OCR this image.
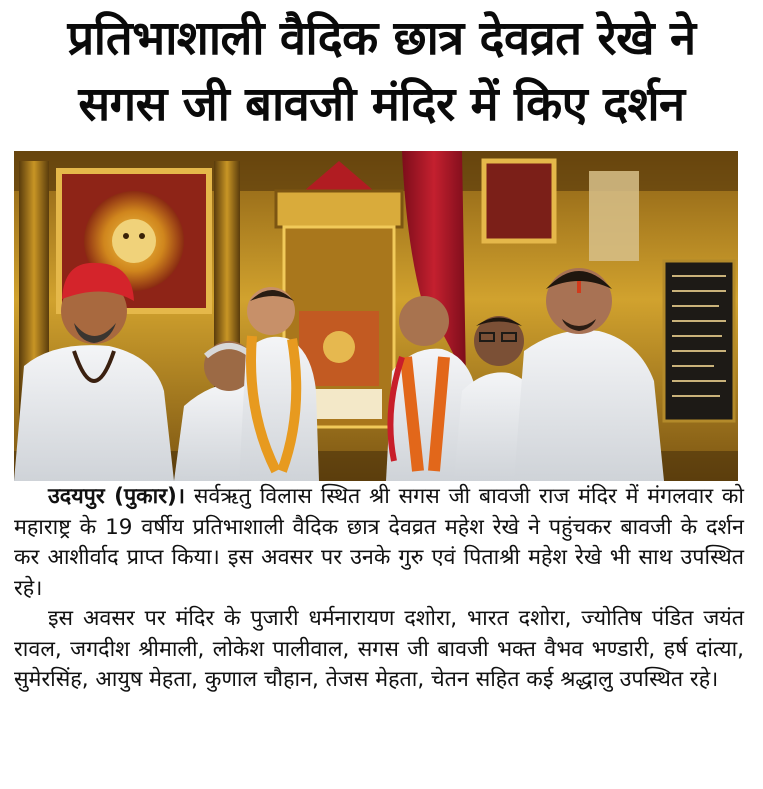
प्रतिभाशाली वैदिक छात्र देवव्रत रेखे ने
सगस जी बावजी मंदिर में किए दर्शन

उदयपुर (पुकार)। सर्वऋतु विलास स्थित श्री सगस जी बावजी राज मंदिर में मंगलवार को महाराष्ट्र के 19 वर्षीय प्रतिभाशाली वैदिक छात्र देवव्रत महेश रेखे ने पहुंचकर बावजी के दर्शन कर आशीर्वाद प्राप्त किया। इस अवसर पर उनके गुरु एवं पिताश्री महेश रेखे भी साथ उपस्थित रहे।

इस अवसर पर मंदिर के पुजारी धर्मनारायण दशोरा, भारत दशोरा, ज्योतिष पंडित जयंत रावल, जगदीश श्रीमाली, लोकेश पालीवाल, सगस जी बावजी भक्त वैभव भण्डारी, हर्ष दांत्या, सुमेरसिंह, आयुष मेहता, कुणाल चौहान, तेजस मेहता, चेतन सहित कई श्रद्धालु उपस्थित रहे।
